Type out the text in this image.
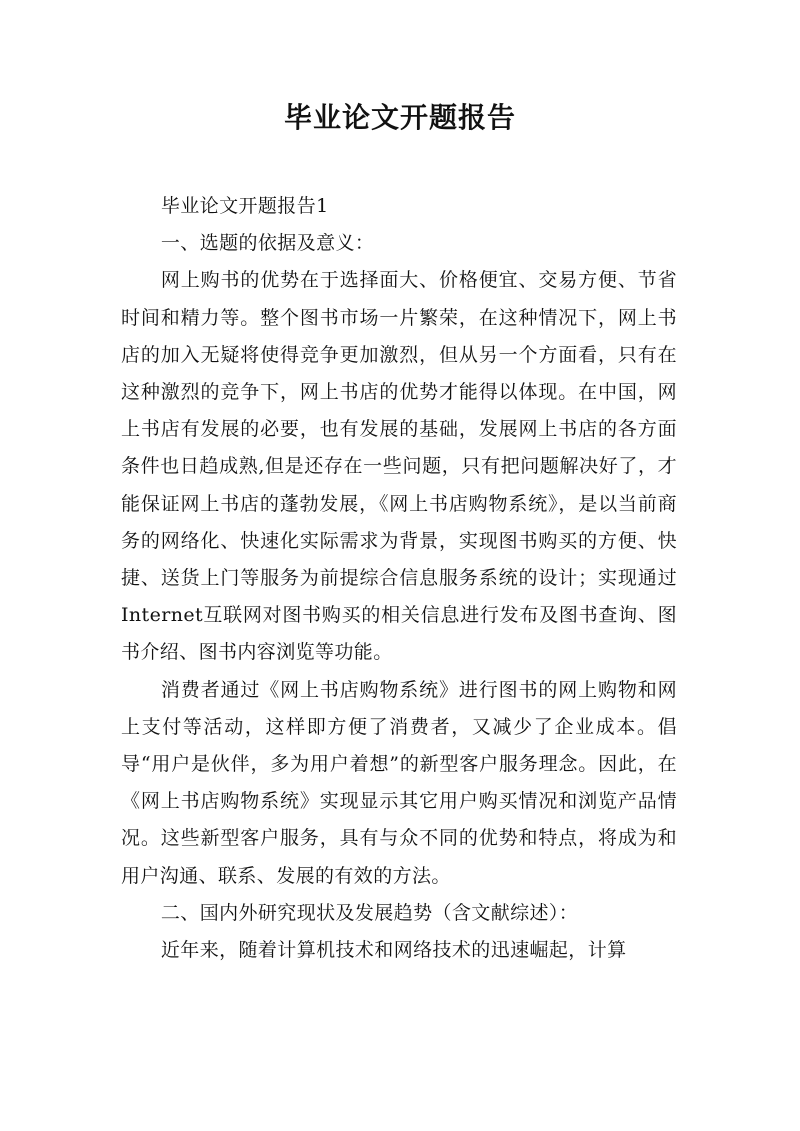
毕业论文开题报告

毕业论文开题报告1

一、选题的依据及意义：

网上购书的优势在于选择面大、价格便宜、交易方便、节省时间和精力等。整个图书市场一片繁荣，在这种情况下，网上书店的加入无疑将使得竞争更加激烈，但从另一个方面看，只有在这种激烈的竞争下，网上书店的优势才能得以体现。在中国，网上书店有发展的必要，也有发展的基础，发展网上书店的各方面条件也日趋成熟,但是还存在一些问题，只有把问题解决好了，才能保证网上书店的蓬勃发展，《网上书店购物系统》，是以当前商务的网络化、快速化实际需求为背景，实现图书购买的方便、快捷、送货上门等服务为前提综合信息服务系统的设计；实现通过Internet互联网对图书购买的相关信息进行发布及图书查询、图书介绍、图书内容浏览等功能。

消费者通过《网上书店购物系统》进行图书的网上购物和网上支付等活动，这样即方便了消费者，又减少了企业成本。倡导“用户是伙伴，多为用户着想”的新型客户服务理念。因此，在《网上书店购物系统》实现显示其它用户购买情况和浏览产品情况。这些新型客户服务，具有与众不同的优势和特点，将成为和用户沟通、联系、发展的有效的方法。

二、国内外研究现状及发展趋势（含文献综述）：

近年来，随着计算机技术和网络技术的迅速崛起，计算
